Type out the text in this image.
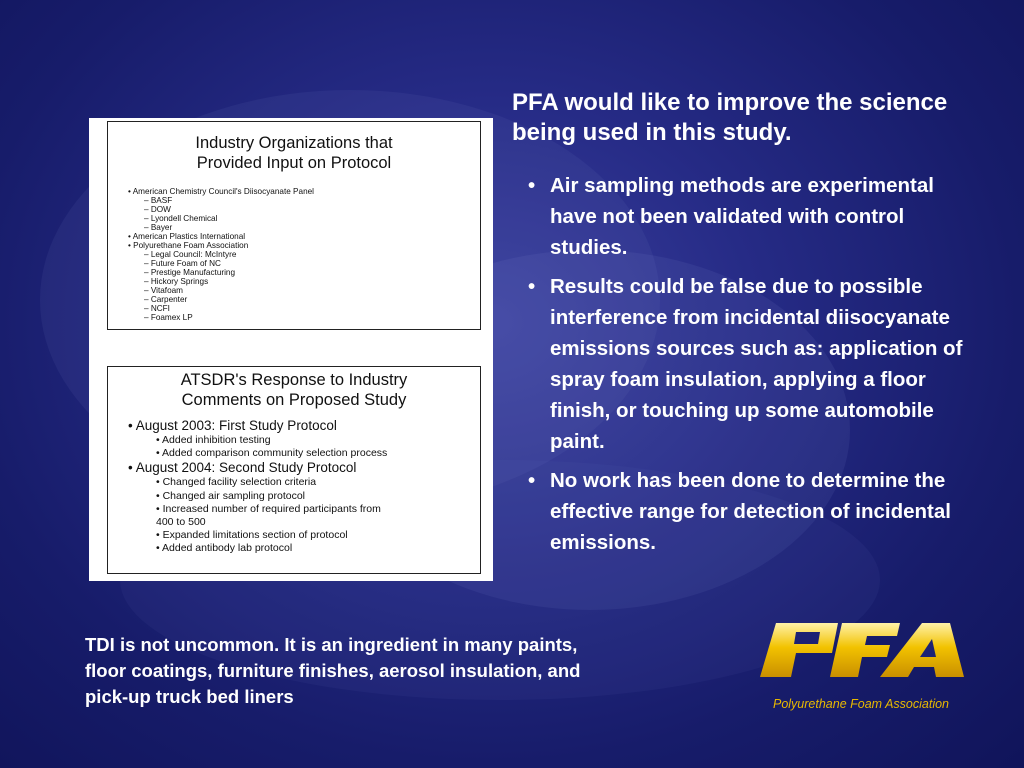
PFA would like to improve the science being used in this study.
• Air sampling methods are experimental have not been validated with control studies.
• Results could be false due to possible interference from incidental diisocyanate emissions sources such as: application of spray foam insulation, applying a floor finish, or touching up some automobile paint.
• No work has been done to determine the effective range for detection of incidental emissions.
Industry Organizations that
Provided Input on Protocol
• American Chemistry Council's Diisocyanate Panel
– BASF
– DOW
– Lyondell Chemical
– Bayer
• American Plastics International
• Polyurethane Foam Association
– Legal Council: McIntyre
– Future Foam of NC
– Prestige Manufacturing
– Hickory Springs
– Vitafoam
– Carpenter
– NCFI
– Foamex LP
ATSDR's Response to Industry
Comments on Proposed Study
• August 2003: First Study Protocol
• Added inhibition testing
• Added comparison community selection process
• August 2004: Second Study Protocol
• Changed facility selection criteria
• Changed air sampling protocol
• Increased number of required participants from
400 to 500
• Expanded limitations section of protocol
• Added antibody lab protocol
TDI is not uncommon. It is an ingredient in many paints, floor coatings, furniture finishes, aerosol insulation, and pick-up truck bed liners	Polyurethane Foam Association
